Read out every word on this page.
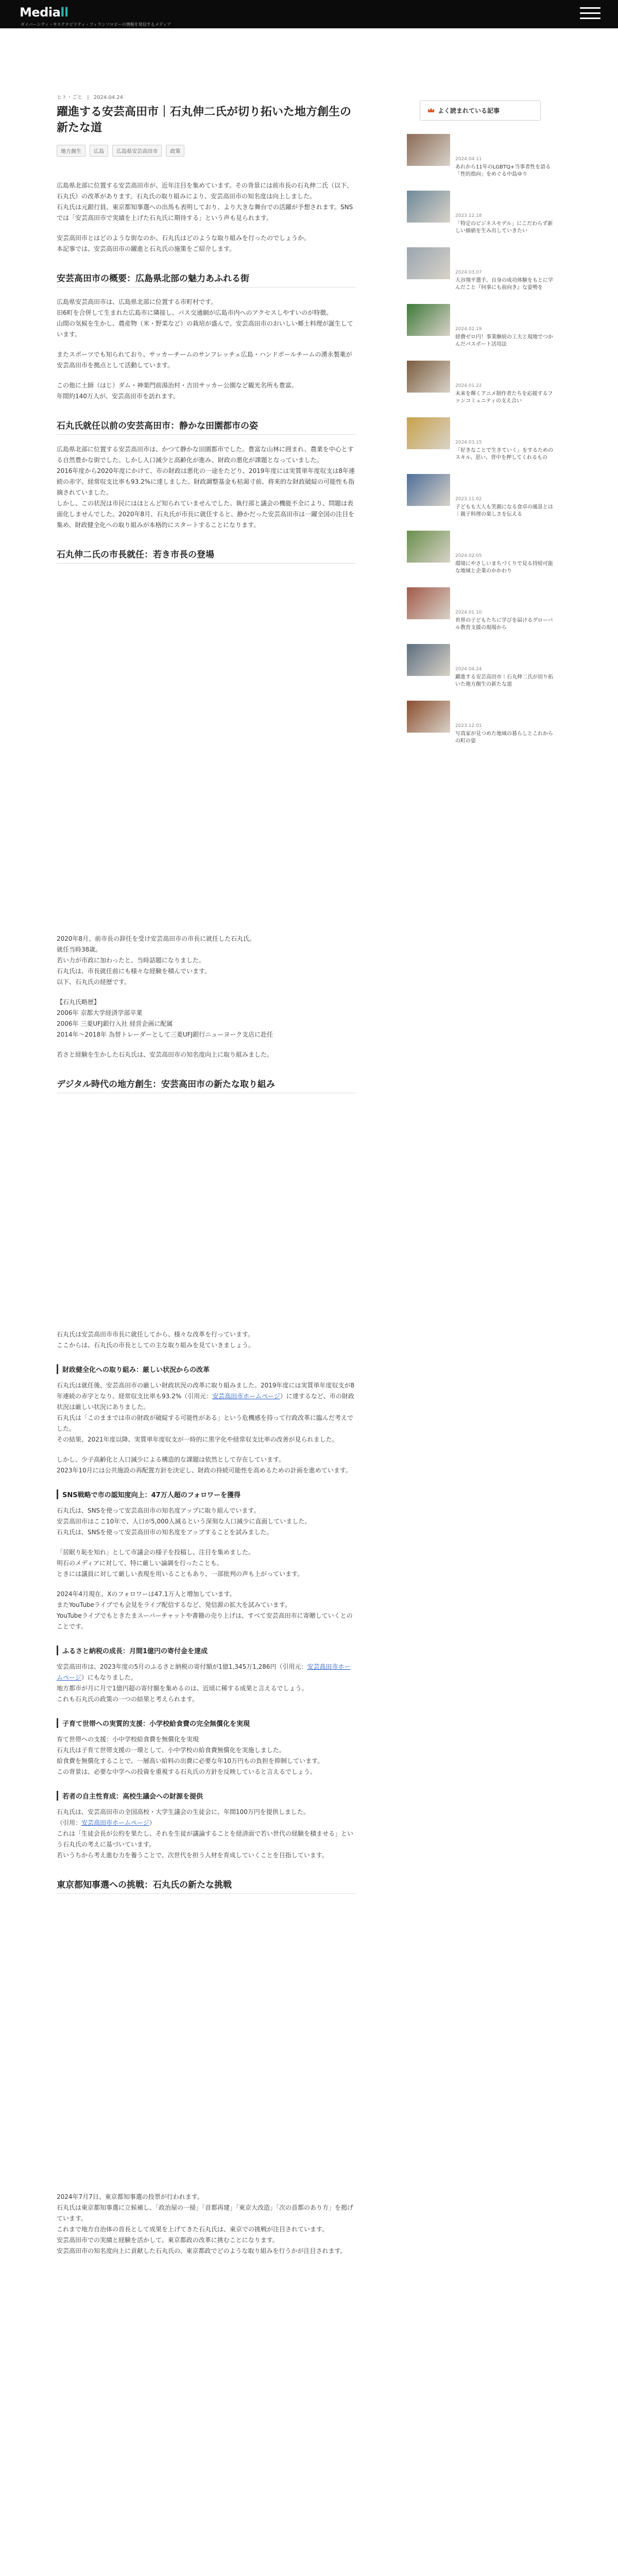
Mediall
ダイバーシティ・サステナビリティ・フィランソロピーの情報を発信するメディア
ヒト・ごと | 2024.04.24
躍進する安芸高田市｜石丸伸二氏が切り拓いた地方創生の新たな道
地方創生 広島 広島県安芸高田市 政策

広島県北部に位置する安芸高田市が、近年注目を集めています。その背景には前市長の石丸伸二氏（以下、石丸氏）の改革があります。石丸氏の取り組みにより、安芸高田市の知名度は向上しました。
石丸氏は元銀行員、東京都知事選への出馬も表明しており、より大きな舞台での活躍が予想されます。SNSでは「安芸高田市で実績を上げた石丸氏に期待する」という声も見られます。

安芸高田市とはどのような街なのか、石丸氏はどのような取り組みを行ったのでしょうか。
本記事では、安芸高田市の躍進と石丸氏の施策をご紹介します。

安芸高田市の概要：広島県北部の魅力あふれる街

広島県安芸高田市は、広島県北部に位置する市町村です。
旧6町を合併して生まれた広島市に隣接し、バス交通網が広島市内へのアクセスしやすいのが特徴。
山間の気候を生かし、農産物（米・野菜など）の栽培が盛んで、安芸高田市のおいしい郷土料理が誕生しています。

またスポーツでも知られており、サッカーチームのサンフレッチェ広島・ハンドボールチームの湧永製薬が安芸高田市を拠点として活動しています。

この他に土師（はじ）ダム・神楽門前湯治村・吉田サッカー公園など観光名所も豊富。
年間約140万人が、安芸高田市を訪れます。

石丸氏就任以前の安芸高田市：静かな田園都市の姿

広島県北部に位置する安芸高田市は、かつて静かな田園都市でした。豊富な山林に囲まれ、農業を中心とする自然豊かな街でした。しかし人口減少と高齢化が進み、財政の悪化が課題となっていました。
2016年度から2020年度にかけて、市の財政は悪化の一途をたどり、2019年度には実質単年度収支は8年連続の赤字、経常収支比率も93.2%に達しました。財政調整基金も枯渇寸前、将来的な財政破綻の可能性も指摘されていました。
しかし、この状況は市民にはほとんど知られていませんでした。執行部と議会の機能不全により、問題は表面化しませんでした。2020年8月、石丸氏が市長に就任すると、静かだった安芸高田市は一躍全国の注目を集め、財政健全化への取り組みが本格的にスタートすることになります。

石丸伸二氏の市長就任：若き市長の登場

2020年8月、前市長の辞任を受け安芸高田市の市長に就任した石丸氏。
就任当時38歳。
若い力が市政に加わったと、当時話題になりました。
石丸氏は、市長就任前にも様々な経験を積んでいます。
以下、石丸氏の経歴です。

【石丸氏略歴】
2006年 京都大学経済学部卒業
2006年 三菱UFJ銀行入社 経営企画に配属
2014年〜2018年 為替トレーダーとして三菱UFJ銀行ニューヨーク支店に赴任

若さと経験を生かした石丸氏は、安芸高田市の知名度向上に取り組みました。

デジタル時代の地方創生：安芸高田市の新たな取り組み

石丸氏は安芸高田市市長に就任してから、様々な改革を行っています。
ここからは、石丸氏の市長としての主な取り組みを見ていきましょう。

財政健全化への取り組み：厳しい状況からの改革

石丸氏は就任後、安芸高田市の厳しい財政状況の改革に取り組みました。2019年度には実質単年度収支が8年連続の赤字となり、経常収支比率も93.2%（引用元：安芸高田市ホームページ）に達するなど、市の財政状況は厳しい状況にありました。
石丸氏は「このままでは市の財政が破綻する可能性がある」という危機感を持って行政改革に臨んだ考えでした。
その結果、2021年度以降、実質単年度収支が一時的に黒字化や経常収支比率の改善が見られました。

しかし、少子高齢化と人口減少による構造的な課題は依然として存在しています。
2023年10月には公共施設の再配置方針を決定し、財政の持続可能性を高めるための計画を進めています。

SNS戦略で市の認知度向上：47万人超のフォロワーを獲得

石丸氏は、SNSを使って安芸高田市の知名度アップに取り組んでいます。
安芸高田市はここ10年で、人口が5,000人減るという深刻な人口減少に直面していました。
石丸氏は、SNSを使って安芸高田市の知名度をアップすることを試みました。

「居眠り恥を知れ」として市議会の様子を投稿し、注目を集めました。
明石のメディアに対して、特に厳しい論調を行ったことも。
ときには議員に対して厳しい表現を用いることもあり、一部批判の声も上がっています。

2024年4月現在、Xのフォロワーは47.1万人と増加しています。
またYouTubeライブでも会見をライブ配信するなど、発信源の拡大を試みています。
YouTubeライブでもときたまスーパーチャットや書籍の売り上げは、すべて安芸高田市に寄贈していくとのことです。

ふるさと納税の成長：月間1億円の寄付金を達成

安芸高田市は、2023年度の5月のふるさと納税の寄付額が1億1,345万1,286円（引用元：安芸高田市ホームページ）にもなりました。
地方都市が月に月で1億円超の寄付額を集めるのは、近頃に稀する成果と言えるでしょう。
これも石丸氏の政策の一つの結果と考えられます。

子育て世帯への実質的支援：小学校給食費の完全無償化を実現

育て世帯への支援：小中学校給食費を無償化を実現
石丸氏は子育て世帯支援の一環として、小中学校の給食費無償化を実施しました。
給食費を無償化することで、一層高い給料の出費に必要な年10万円もの負担を抑制しています。
この背景は、必要な中学への投資を重視する石丸氏の方針を反映していると言えるでしょう。

若者の自主性育成：高校生議会への財源を提供

石丸氏は、安芸高田市の全国高校・大学生議会の生徒会に、年間100万円を提供しました。
（引用：安芸高田市ホームページ）
これは「生徒会長が公約を果たし、それを生徒が議論することを経済面で若い世代の経験を積ませる」という石丸氏の考えに基づいています。
若いうちから考え進む力を養うことで、次世代を担う人材を育成していくことを目指しています。

東京都知事選への挑戦：石丸氏の新たな挑戦

2024年7月7日、東京都知事選の投票が行われます。
石丸氏は東京都知事選に立候補し、「政治屋の一掃」「首都再建」「東京大改造」「次の首都のあり方」を掲げています。
これまで地方自治体の首長として成果を上げてきた石丸氏は、東京での挑戦が注目されています。
安芸高田市での実績と経験を活かして、東京都政の改革に挑むことになります。
安芸高田市の知名度向上に貢献した石丸氏の、東京都政でどのような取り組みを行うかが注目されます。

よく読まれている記事
2024.04.11
あれから11年のLGBTQ+当事者性を語る「性的指向」をめぐる中島ゆり
2023.12.18
「特定のビジネスモデル」にこだわらず新しい価値を生み出していきたい
2024.03.07
大谷翔平選手、自身の成功体験をもとに学んだこと『何事にも前向き』な姿勢を
2024.02.19
経費ゼロ円！事業継続の工夫と現地でつかんだパスポート活用法
2024.01.22
未来を輝くアニメ制作者たちを応援するファンコミュニティの支え合い
2024.03.15
「好きなことで生きていく」をするためのスキル、思い、背中を押してくれるもの
2023.11.02
子どもも大人も笑顔になる食卓の風景とは｜親子料理の楽しさを伝える
2024.02.05
環境にやさしいまちづくりで見る持続可能な地域と企業のかかわり
2024.01.10
世界の子どもたちに学びを届けるグローバル教育支援の現場から
2024.04.24
躍進する安芸高田市｜石丸伸二氏が切り拓いた地方創生の新たな道
2023.12.01
写真家が見つめた地域の暮らしとこれからの町の姿
